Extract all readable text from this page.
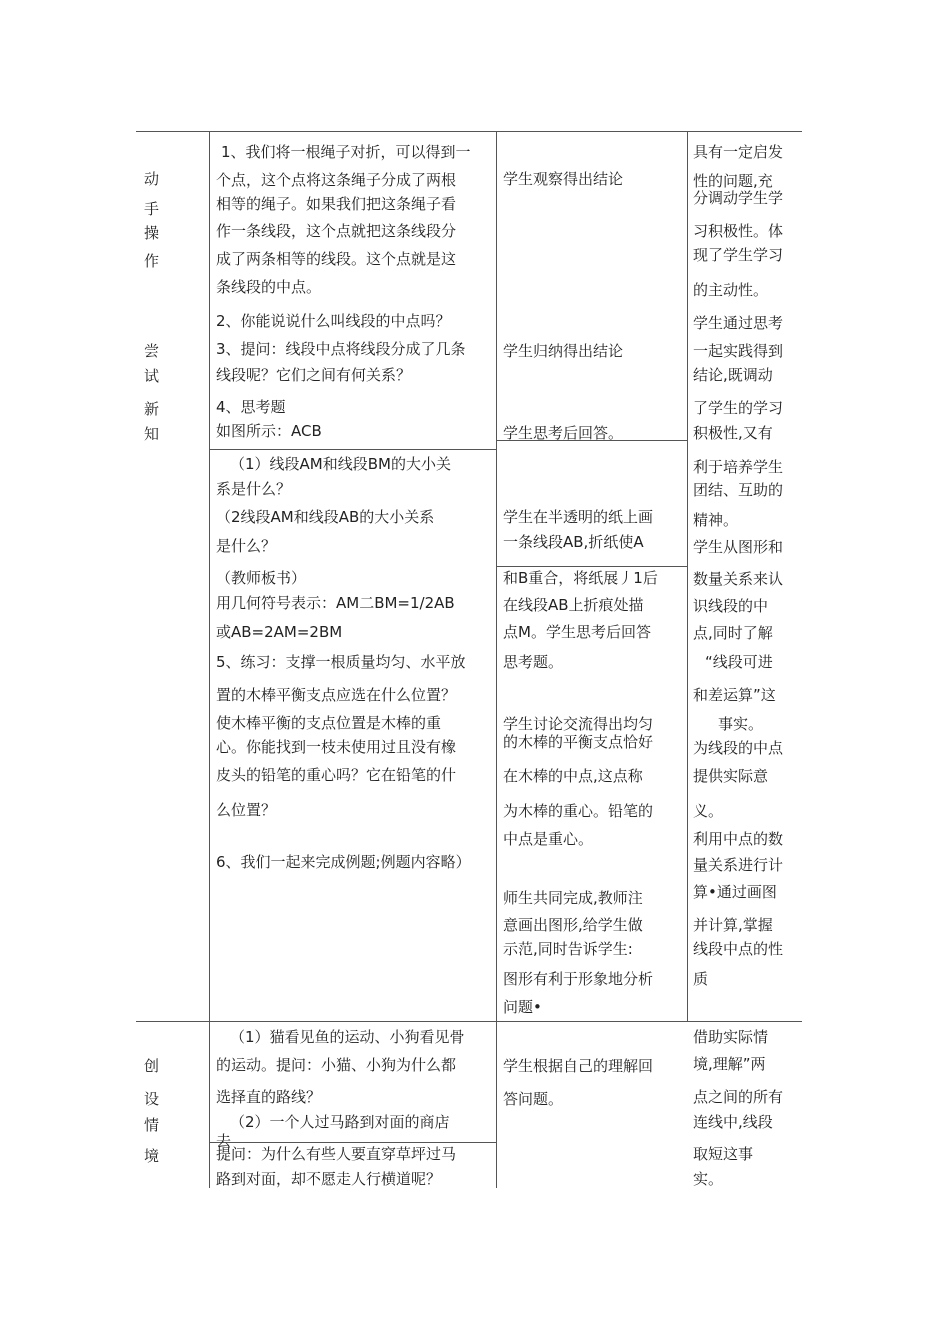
动
手
操
作
尝
试
新
知
1、我们将一根绳子对折，可以得到一
个点，这个点将这条绳子分成了两根
相等的绳子。如果我们把这条绳子看
作一条线段，这个点就把这条线段分
成了两条相等的线段。这个点就是这
条线段的中点。
2、你能说说什么叫线段的中点吗？
3、提问：线段中点将线段分成了几条
线段呢？它们之间有何关系？
4、思考题
如图所示：ACB
（1）线段AM和线段BM的大小关
系是什么？
（2线段AM和线段AB的大小关系
是什么？
（教师板书）
用几何符号表示：AM二BM=1/2AB
或AB=2AM=2BM
5、练习：支撑一根质量均匀、水平放
置的木棒平衡支点应选在什么位置？
使木棒平衡的支点位置是木棒的重
心。你能找到一枝未使用过且没有橡
皮头的铅笔的重心吗？它在铅笔的什
么位置？
6、我们一起来完成例题;例题内容略）
学生观察得出结论
学生归纳得出结论
学生思考后回答。
学生在半透明的纸上画
一条线段AB,折纸使A
和B重合，将纸展丿1后
在线段AB上折痕处描
点M。学生思考后回答
思考题。
学生讨论交流得出均匀
的木棒的平衡支点恰好
在木棒的中点,这点称
为木棒的重心。铅笔的
中点是重心。
师生共同完成,教师注
意画出图形,给学生做
示范,同时告诉学生:
图形有利于形象地分析
问题•
具有一定启发
性的问题,充
分调动学生学
习积极性。体
现了学生学习
的主动性。
学生通过思考
一起实践得到
结论,既调动
了学生的学习
积极性,又有
利于培养学生
团结、互助的
精神。
学生从图形和
数量关系来认
识线段的中
点,同时了解
“线段可进
和差运算”这
事实。
为线段的中点
提供实际意
义。
利用中点的数
量关系进行计
算•通过画图
并计算,掌握
线段中点的性
质
创
设
情
境
（1）猫看见鱼的运动、小狗看见骨
的运动。提问：小猫、小狗为什么都
选择直的路线？
（2）一个人过马路到对面的商店
去
提问：为什么有些人要直穿草坪过马
路到对面，却不愿走人行横道呢？
学生根据自己的理解回
答问题。
借助实际情
境,理解”两
点之间的所有
连线中,线段
取短这事
实。
